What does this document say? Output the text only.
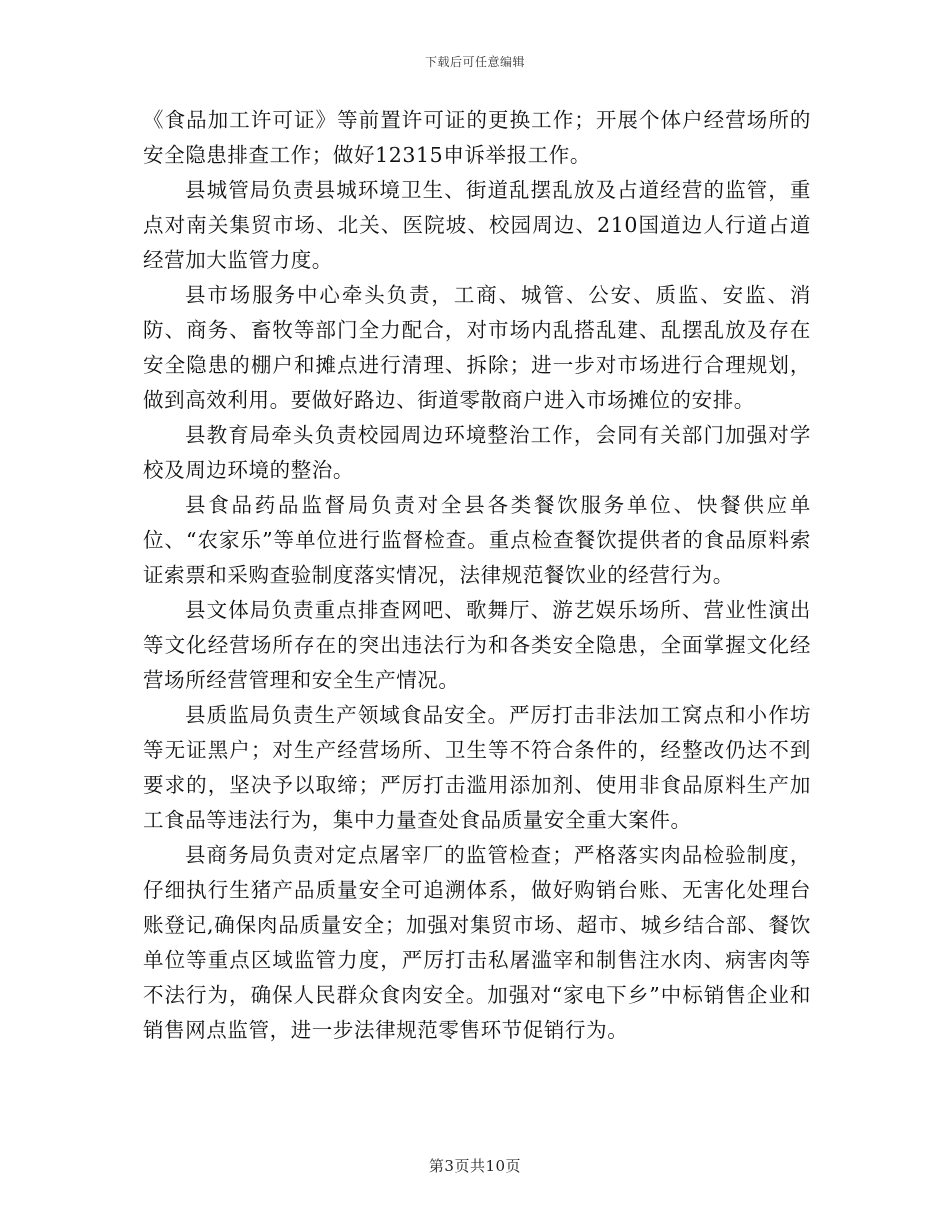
下载后可任意编辑

《食品加工许可证》等前置许可证的更换工作；开展个体户经营场所的安全隐患排查工作；做好12315申诉举报工作。

县城管局负责县城环境卫生、街道乱摆乱放及占道经营的监管，重点对南关集贸市场、北关、医院坡、校园周边、210国道边人行道占道经营加大监管力度。

县市场服务中心牵头负责，工商、城管、公安、质监、安监、消防、商务、畜牧等部门全力配合，对市场内乱搭乱建、乱摆乱放及存在安全隐患的棚户和摊点进行清理、拆除；进一步对市场进行合理规划，做到高效利用。要做好路边、街道零散商户进入市场摊位的安排。

县教育局牵头负责校园周边环境整治工作，会同有关部门加强对学校及周边环境的整治。

县食品药品监督局负责对全县各类餐饮服务单位、快餐供应单位、“农家乐”等单位进行监督检查。重点检查餐饮提供者的食品原料索证索票和采购查验制度落实情况，法律规范餐饮业的经营行为。

县文体局负责重点排查网吧、歌舞厅、游艺娱乐场所、营业性演出等文化经营场所存在的突出违法行为和各类安全隐患，全面掌握文化经营场所经营管理和安全生产情况。

县质监局负责生产领域食品安全。严厉打击非法加工窝点和小作坊等无证黑户；对生产经营场所、卫生等不符合条件的，经整改仍达不到要求的，坚决予以取缔；严厉打击滥用添加剂、使用非食品原料生产加工食品等违法行为，集中力量查处食品质量安全重大案件。

县商务局负责对定点屠宰厂的监管检查；严格落实肉品检验制度，仔细执行生猪产品质量安全可追溯体系，做好购销台账、无害化处理台账登记,确保肉品质量安全；加强对集贸市场、超市、城乡结合部、餐饮单位等重点区域监管力度，严厉打击私屠滥宰和制售注水肉、病害肉等不法行为，确保人民群众食肉安全。加强对“家电下乡”中标销售企业和销售网点监管，进一步法律规范零售环节促销行为。

第3页共10页
